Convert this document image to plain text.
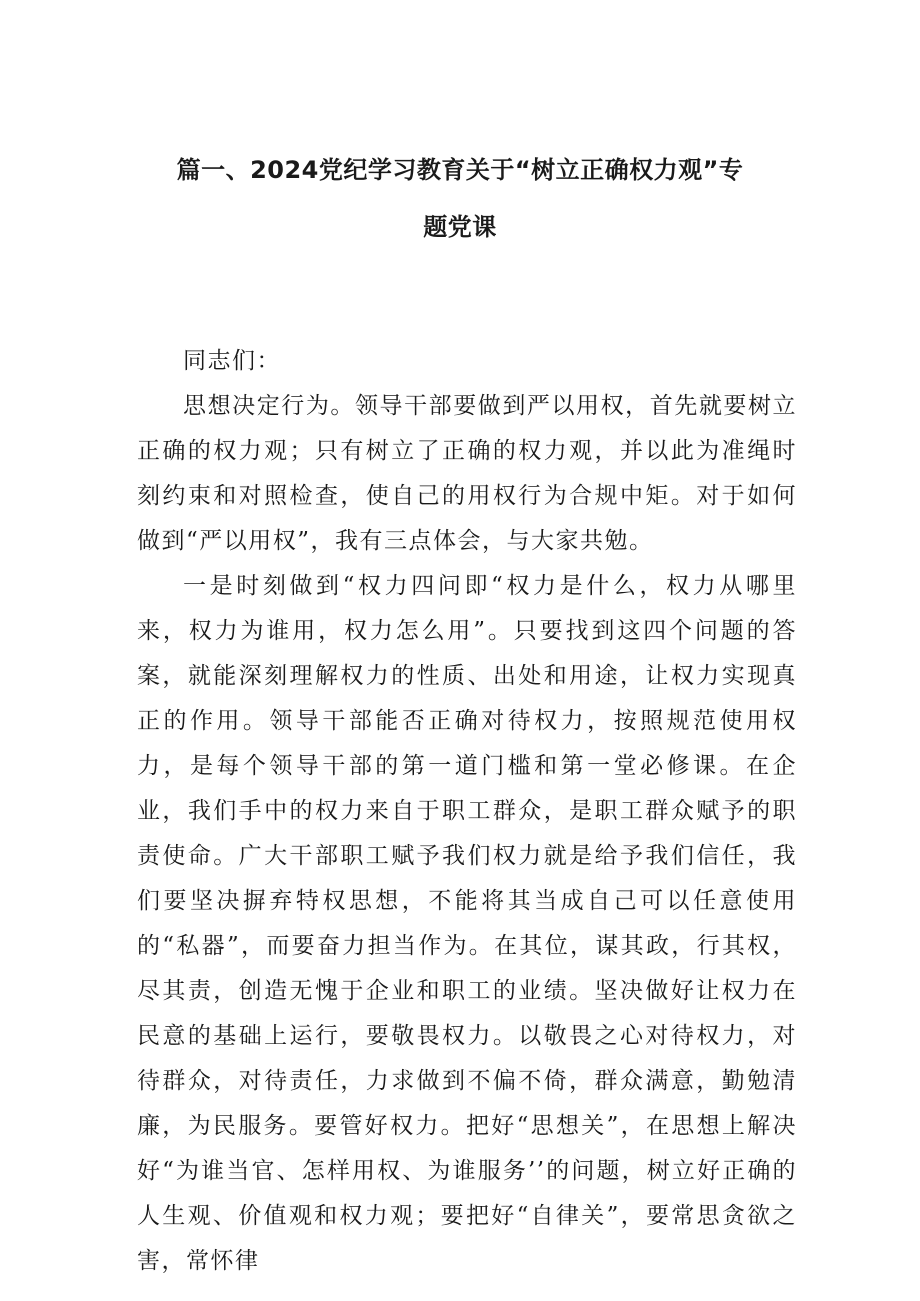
篇一、2024党纪学习教育关于“树立正确权力观”专
题党课

同志们：

思想决定行为。领导干部要做到严以用权，首先就要树立正确的权力观；只有树立了正确的权力观，并以此为准绳时刻约束和对照检查，使自己的用权行为合规中矩。对于如何做到“严以用权”，我有三点体会，与大家共勉。

一是时刻做到“权力四问即“权力是什么，权力从哪里来，权力为谁用，权力怎么用”。只要找到这四个问题的答案，就能深刻理解权力的性质、出处和用途，让权力实现真正的作用。领导干部能否正确对待权力，按照规范使用权力，是每个领导干部的第一道门槛和第一堂必修课。在企业，我们手中的权力来自于职工群众，是职工群众赋予的职责使命。广大干部职工赋予我们权力就是给予我们信任，我们要坚决摒弃特权思想，不能将其当成自己可以任意使用的“私器”，而要奋力担当作为。在其位，谋其政，行其权，尽其责，创造无愧于企业和职工的业绩。坚决做好让权力在民意的基础上运行，要敬畏权力。以敬畏之心对待权力，对待群众，对待责任，力求做到不偏不倚，群众满意，勤勉清廉，为民服务。要管好权力。把好“思想关”，在思想上解决好“为谁当官、怎样用权、为谁服务’’的问题，树立好正确的人生观、价值观和权力观；要把好“自律关”，要常思贪欲之害，常怀律
